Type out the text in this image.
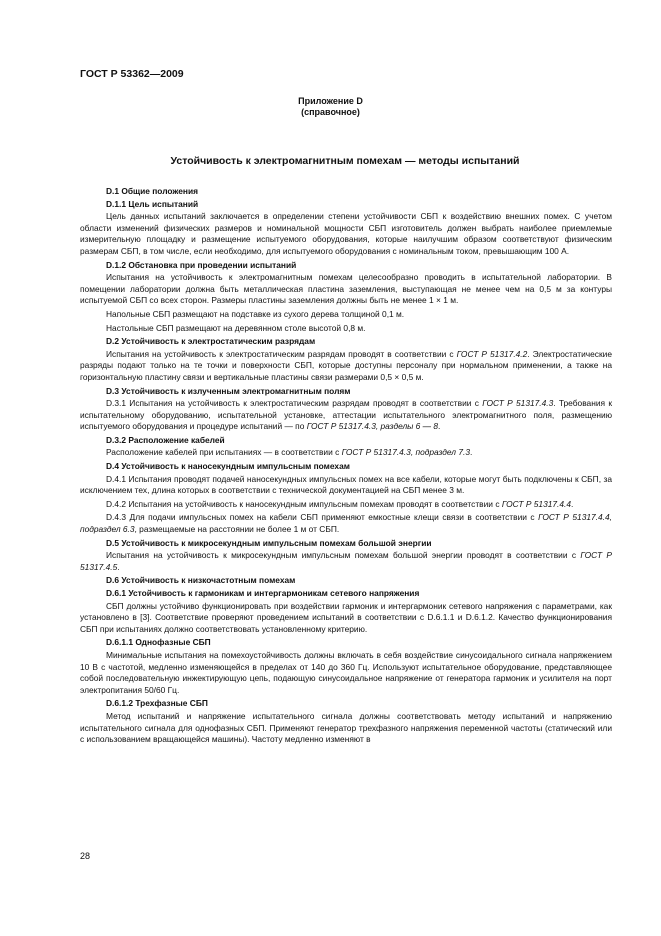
ГОСТ Р 53362—2009
Приложение D
(справочное)
Устойчивость к электромагнитным помехам — методы испытаний
D.1 Общие положения
D.1.1 Цель испытаний
Цель данных испытаний заключается в определении степени устойчивости СБП к воздействию внешних помех. С учетом области изменений физических размеров и номинальной мощности СБП изготовитель должен выбрать наиболее приемлемые измерительную площадку и размещение испытуемого оборудования, которые наилучшим образом соответствуют физическим размерам СБП, в том числе, если необходимо, для испытуемого оборудования с номинальным током, превышающим 100 А.
D.1.2 Обстановка при проведении испытаний
Испытания на устойчивость к электромагнитным помехам целесообразно проводить в испытательной лаборатории. В помещении лаборатории должна быть металлическая пластина заземления, выступающая не менее чем на 0,5 м за контуры испытуемой СБП со всех сторон. Размеры пластины заземления должны быть не менее 1 × 1 м.
Напольные СБП размещают на подставке из сухого дерева толщиной 0,1 м.
Настольные СБП размещают на деревянном столе высотой 0,8 м.
D.2 Устойчивость к электростатическим разрядам
Испытания на устойчивость к электростатическим разрядам проводят в соответствии с ГОСТ Р 51317.4.2. Электростатические разряды подают только на те точки и поверхности СБП, которые доступны персоналу при нормальном применении, а также на горизонтальную пластину связи и вертикальные пластины связи размерами 0,5 × 0,5 м.
D.3 Устойчивость к излученным электромагнитным полям
D.3.1 Испытания на устойчивость к электростатическим разрядам проводят в соответствии с ГОСТ Р 51317.4.3. Требования к испытательному оборудованию, испытательной установке, аттестации испытательного электромагнитного поля, размещению испытуемого оборудования и процедуре испытаний — по ГОСТ Р 51317.4.3, разделы 6 — 8.
D.3.2 Расположение кабелей
Расположение кабелей при испытаниях — в соответствии с ГОСТ Р 51317.4.3, подраздел 7.3.
D.4 Устойчивость к наносекундным импульсным помехам
D.4.1 Испытания проводят подачей наносекундных импульсных помех на все кабели, которые могут быть подключены к СБП, за исключением тех, длина которых в соответствии с технической документацией на СБП менее 3 м.
D.4.2 Испытания на устойчивость к наносекундным импульсным помехам проводят в соответствии с ГОСТ Р 51317.4.4.
D.4.3 Для подачи импульсных помех на кабели СБП применяют емкостные клещи связи в соответствии с ГОСТ Р 51317.4.4, подраздел 6.3, размещаемые на расстоянии не более 1 м от СБП.
D.5 Устойчивость к микросекундным импульсным помехам большой энергии
Испытания на устойчивость к микросекундным импульсным помехам большой энергии проводят в соответствии с ГОСТ Р 51317.4.5.
D.6 Устойчивость к низкочастотным помехам
D.6.1 Устойчивость к гармоникам и интергармоникам сетевого напряжения
СБП должны устойчиво функционировать при воздействии гармоник и интергармоник сетевого напряжения с параметрами, как установлено в [3]. Соответствие проверяют проведением испытаний в соответствии с D.6.1.1 и D.6.1.2. Качество функционирования СБП при испытаниях должно соответствовать установленному критерию.
D.6.1.1 Однофазные СБП
Минимальные испытания на помехоустойчивость должны включать в себя воздействие синусоидального сигнала напряжением 10 В с частотой, медленно изменяющейся в пределах от 140 до 360 Гц. Используют испытательное оборудование, представляющее собой последовательную инжектирующую цепь, подающую синусоидальное напряжение от генератора гармоник и усилителя на порт электропитания 50/60 Гц.
D.6.1.2 Трехфазные СБП
Метод испытаний и напряжение испытательного сигнала должны соответствовать методу испытаний и напряжению испытательного сигнала для однофазных СБП. Применяют генератор трехфазного напряжения переменной частоты (статический или с использованием вращающейся машины). Частоту медленно изменяют в
28
